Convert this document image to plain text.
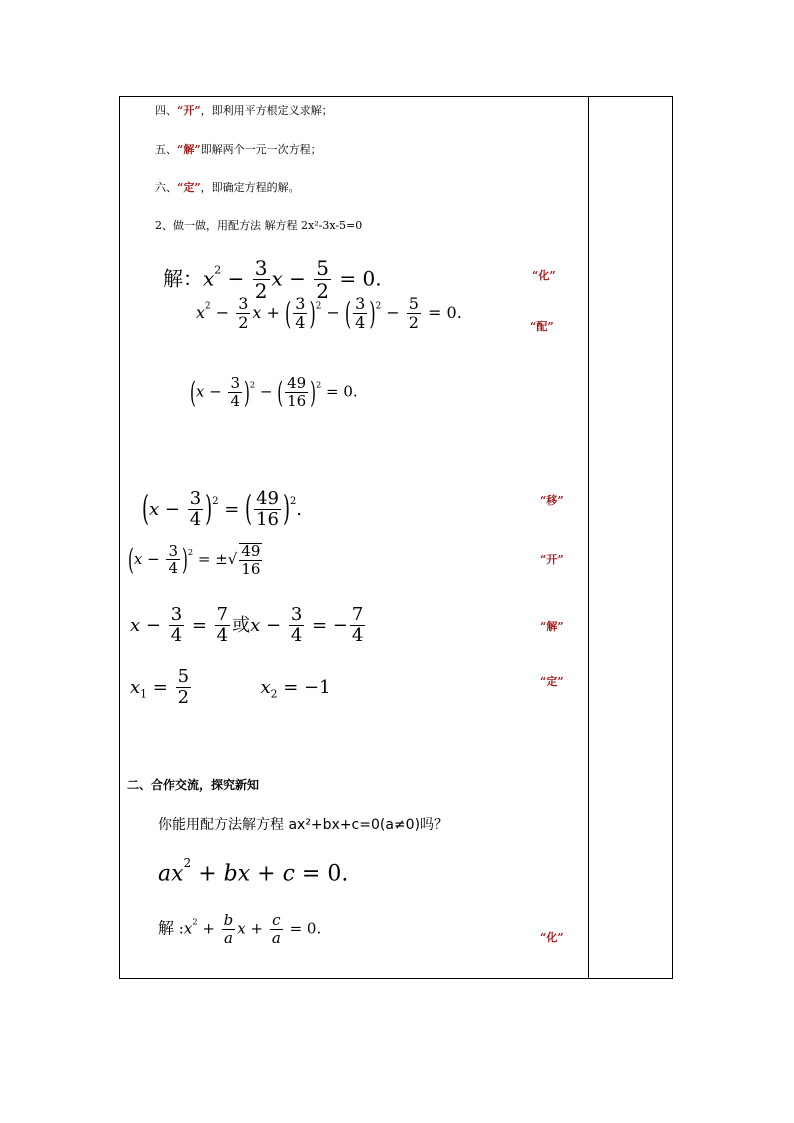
四、“开”，即利用平方根定义求解；
五、“解”即解两个一元一次方程；
六、“定”，即确定方程的解。
2、做一做，用配方法 解方程 2x²-3x-5=0
解：$x^2 - \frac{3}{2}$ $x - \frac{5}{2} = 0$.	“化”
$x^2 - \frac{3}{2}$ x + ( $\frac{3}{4} )^2$ − ( $\frac{3}{4} )^2 - \frac{5}{2} = 0$.
“配”
$(x - \frac{3}{4} )^2$ − ( $\frac{49}{16} )^2 = 0$.
$(x - \frac{3}{4} )^2$ = ( $\frac{49}{16} )^2$.	“移”
$(x - \frac{3}{4} )^2$ = ±√ $\frac{49}{16}$	“开”
$x - \frac{3}{4} = \frac{7}{4}$ 或$x - \frac{3}{4}$ = − $\frac{7}{4}$	“解”
$x_1 = \frac{5}{2}$	$x_2 = -1$	“定”
二、合作交流，探究新知
你能用配方法解方程 ax²+bx+c=0(a≠0)吗？
$ax^2$ + bx + c = 0.
解 $:x^2 + \frac{b}{a}$ $x + \frac{c}{a} = 0$.	“化”
